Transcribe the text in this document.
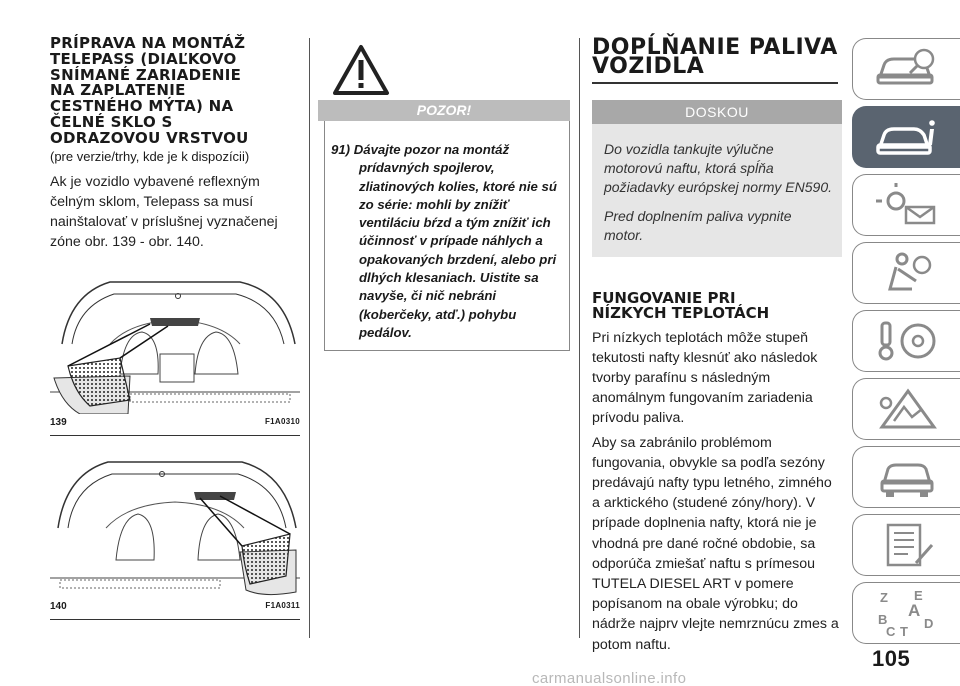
PRÍPRAVA NA MONTÁŽ
TELEPASS (DIAĽKOVO
SNÍMANÉ ZARIADENIE
NA ZAPLATENIE
CESTNÉHO MÝTA) NA
ČELNÉ SKLO S
ODRAZOVOU VRSTVOU
(pre verzie/trhy, kde je k dispozícii)
Ak je vozidlo vybavené reflexným čelným sklom, Telepass sa musí nainštalovať v príslušnej vyznačenej zóne obr. 139 - obr. 140.
139	F1A0310
140	F1A0311
POZOR!
91) Dávajte pozor na montáž prídavných spojlerov, zliatinových kolies, ktoré nie sú zo série: mohli by znížiť ventiláciu bŕzd a tým znížiť ich účinnosť v prípade náhlych a opakovaných brzdení, alebo pri dlhých klesaniach. Uistite sa navyše, či nič nebráni (koberčeky, atď.) pohybu pedálov.
DOPĹŇANIE PALIVA
VOZIDLA
DOSKOU
Do vozidla tankujte výlučne motorovú naftu, ktorá spĺňa požiadavky európskej normy EN590.
Pred doplnením paliva vypnite motor.
FUNGOVANIE PRI
NÍZKYCH TEPLOTÁCH
Pri nízkych teplotách môže stupeň tekutosti nafty klesnúť ako následok tvorby parafínu s následným anomálnym fungovaním zariadenia prívodu paliva.
Aby sa zabránilo problémom fungovania, obvykle sa podľa sezóny predávajú nafty typu letného, zimného a arktického (studené zóny/hory). V prípade doplnenia nafty, ktorá nie je vhodná pre dané ročné obdobie, sa odporúča zmiešať naftu s prímesou TUTELA DIESEL ART v pomere popísanom na obale výrobku; do nádrže najprv vlejte nemrznúcu zmes a potom naftu.
Z E
A
B
C T
D
105
carmanualsonline.info
